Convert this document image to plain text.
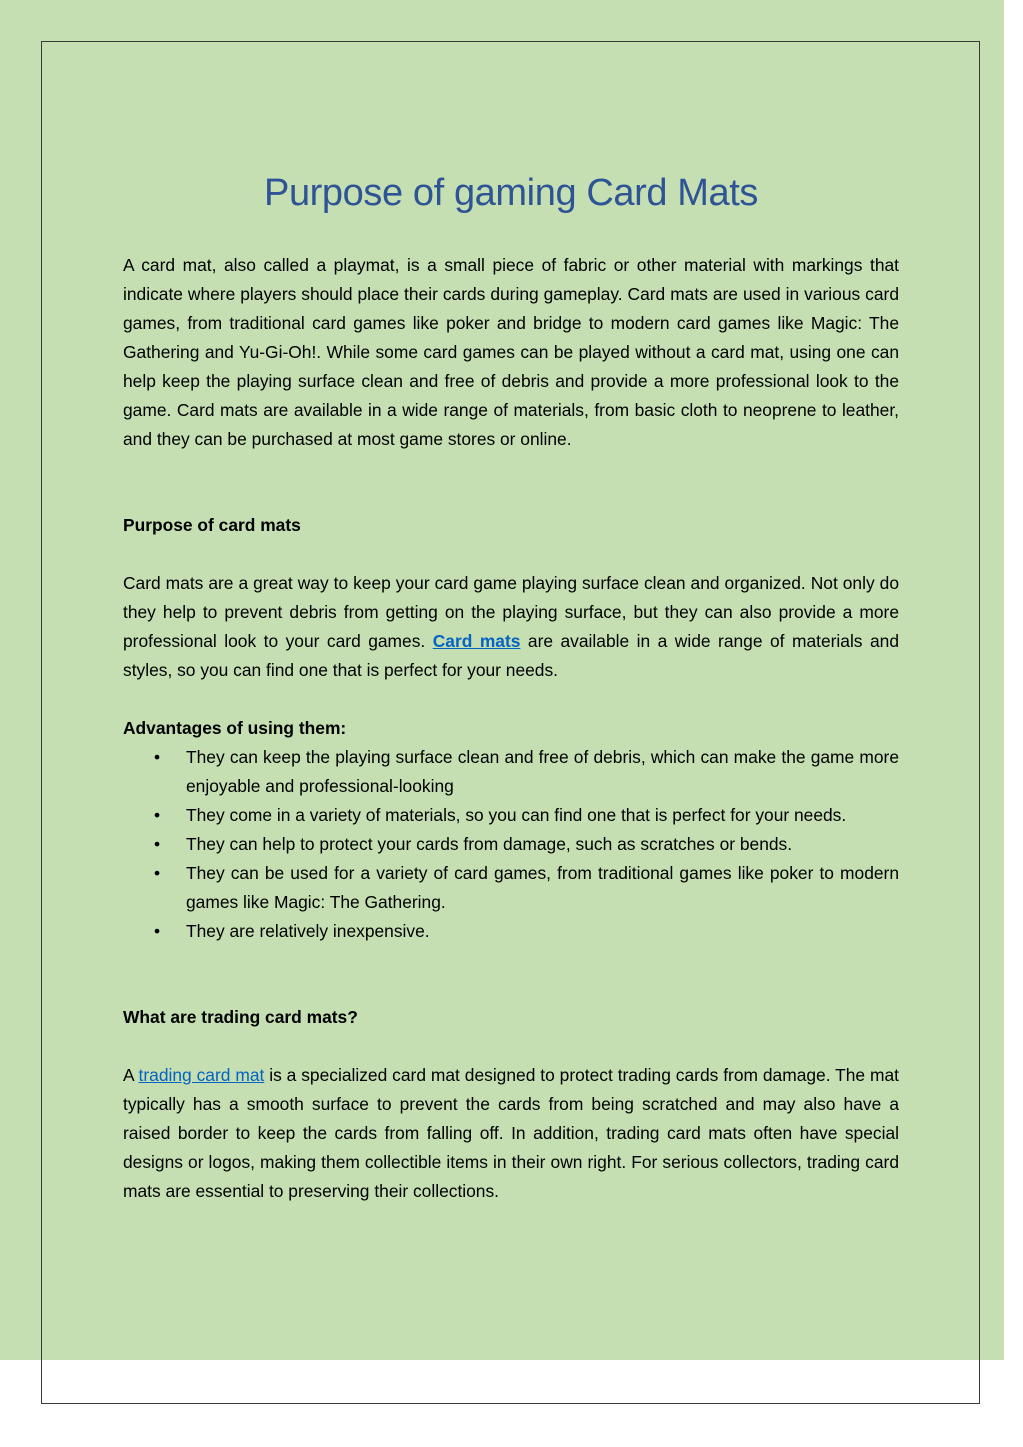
Purpose of gaming Card Mats

A card mat, also called a playmat, is a small piece of fabric or other material with markings that indicate where players should place their cards during gameplay. Card mats are used in various card games, from traditional card games like poker and bridge to modern card games like Magic: The Gathering and Yu-Gi-Oh!. While some card games can be played without a card mat, using one can help keep the playing surface clean and free of debris and provide a more professional look to the game. Card mats are available in a wide range of materials, from basic cloth to neoprene to leather, and they can be purchased at most game stores or online.

Purpose of card mats

Card mats are a great way to keep your card game playing surface clean and organized. Not only do they help to prevent debris from getting on the playing surface, but they can also provide a more professional look to your card games. Card mats are available in a wide range of materials and styles, so you can find one that is perfect for your needs.

Advantages of using them:
• They can keep the playing surface clean and free of debris, which can make the game more enjoyable and professional-looking
• They come in a variety of materials, so you can find one that is perfect for your needs.
• They can help to protect your cards from damage, such as scratches or bends.
• They can be used for a variety of card games, from traditional games like poker to modern games like Magic: The Gathering.
• They are relatively inexpensive.
What are trading card mats?

A trading card mat is a specialized card mat designed to protect trading cards from damage. The mat typically has a smooth surface to prevent the cards from being scratched and may also have a raised border to keep the cards from falling off. In addition, trading card mats often have special designs or logos, making them collectible items in their own right. For serious collectors, trading card mats are essential to preserving their collections.
